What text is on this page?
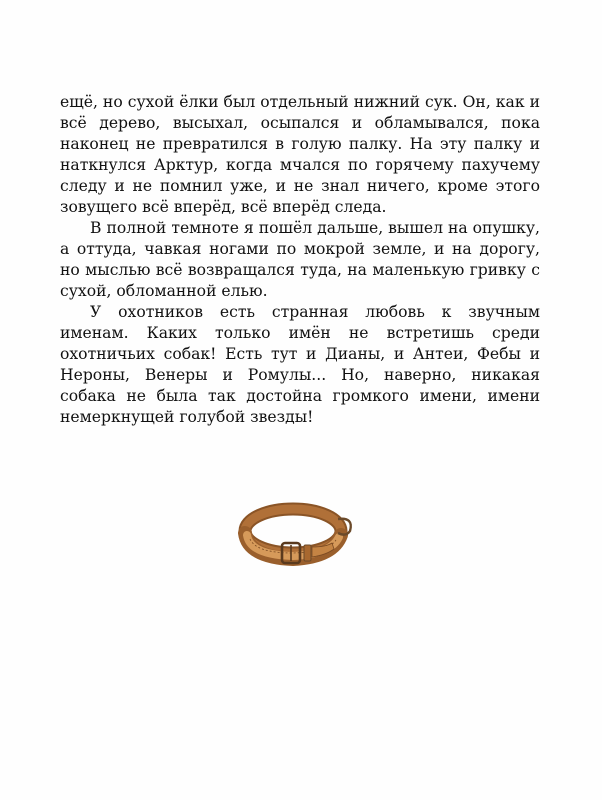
ещё, но сухой ёлки был отдельный нижний сук. Он, как и всё дерево, высыхал, осыпался и обламывался, пока наконец не превратился в голую палку. На эту палку и наткнулся Арктур, когда мчался по горячему пахучему следу и не помнил уже, и не знал ничего, кроме этого зовущего всё вперёд, всё вперёд следа.

В полной темноте я пошёл дальше, вышел на опушку, а оттуда, чавкая ногами по мокрой земле, и на дорогу, но мыслью всё возвращался туда, на маленькую гривку с сухой, обломанной елью.

У охотников есть странная любовь к звучным именам. Каких только имён не встретишь среди охотничьих собак! Есть тут и Дианы, и Антеи, Фебы и Нероны, Венеры и Ромулы... Но, наверно, никакая собака не была так достойна громкого имени, имени немеркнущей голубой звезды!
